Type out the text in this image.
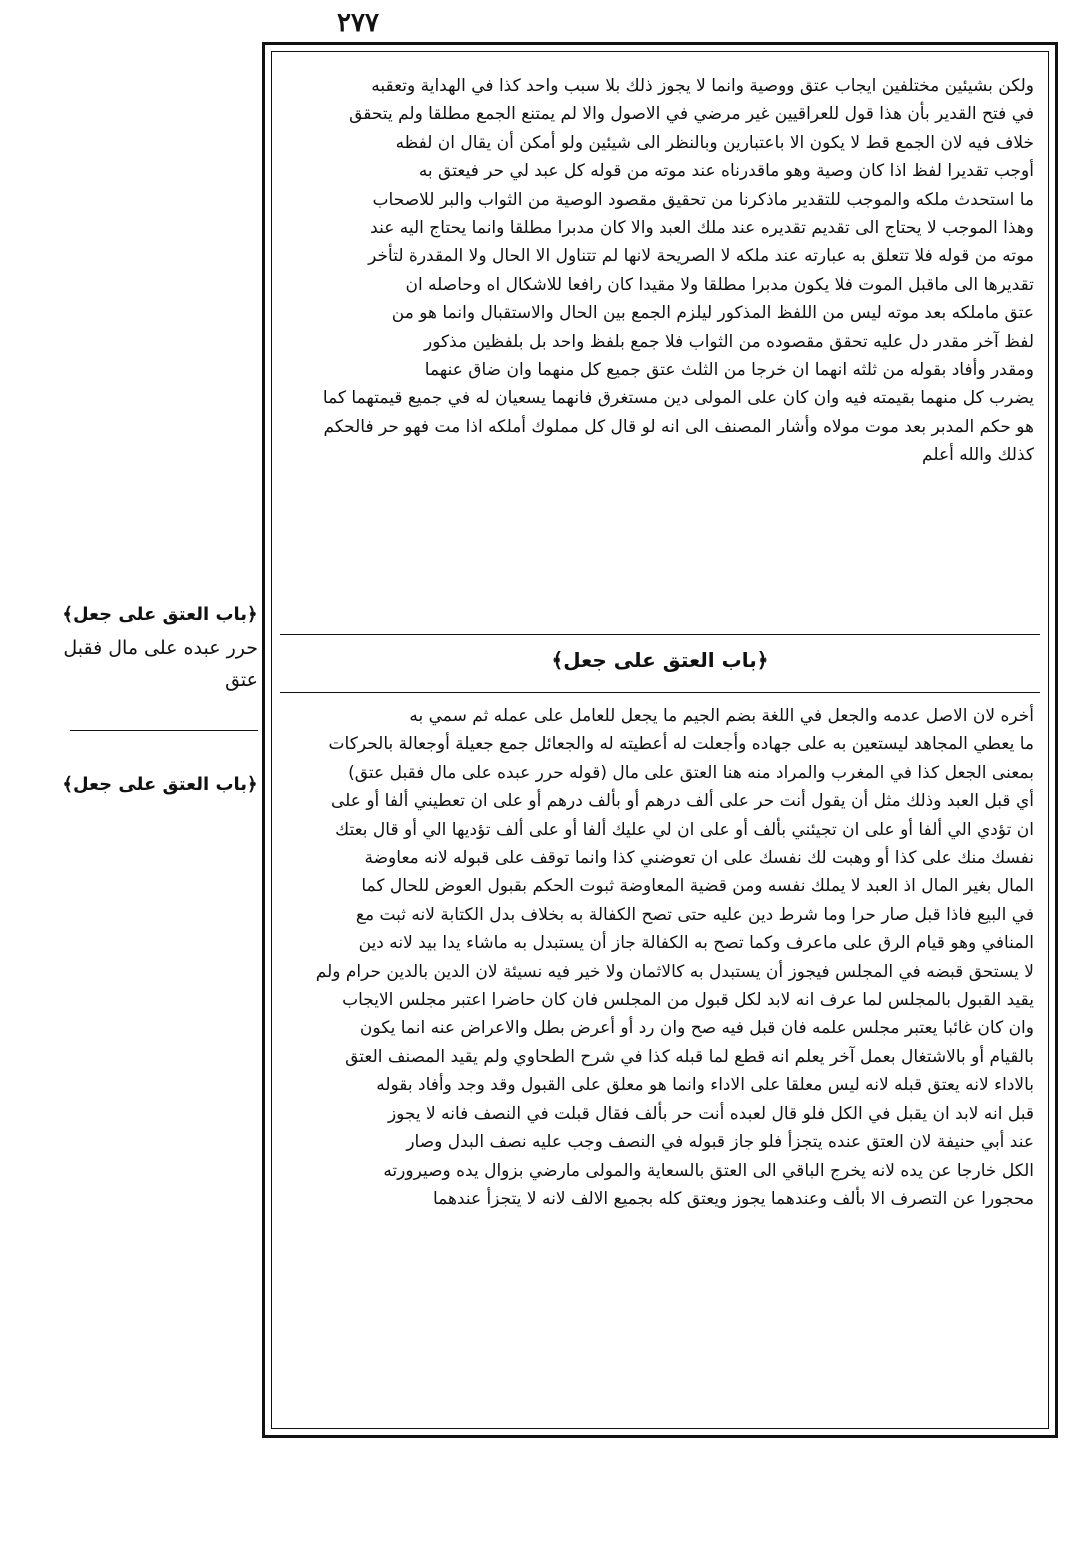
٢٧٧
﴿باب العتق على جعل﴾
حرر عبده على مال فقبل عتق
﴿باب العتق على جعل﴾
ولكن بشيئين مختلفين ايجاب عتق ووصية وانما لا يجوز ذلك بلا سبب واحد كذا في الهداية وتعقبه
في فتح القدير بأن هذا قول للعراقيين غير مرضي في الاصول والا لم يمتنع الجمع مطلقا ولم يتحقق
خلاف فيه لان الجمع قط لا يكون الا باعتبارين وبالنظر الى شيئين ولو أمكن أن يقال ان لفظه
أوجب تقديرا لفظ اذا كان وصية وهو ماقدرناه عند موته من قوله كل عبد لي حر فيعتق به
ما استحدث ملكه والموجب للتقدير ماذكرنا من تحقيق مقصود الوصية من الثواب والبر للاصحاب
وهذا الموجب لا يحتاج الى تقديم تقديره عند ملك العبد والا كان مدبرا مطلقا وانما يحتاج اليه عند
موته من قوله فلا تتعلق به عبارته عند ملكه لا الصريحة لانها لم تتناول الا الحال ولا المقدرة لتأخر
تقديرها الى ماقبل الموت فلا يكون مدبرا مطلقا ولا مقيدا كان رافعا للاشكال اه وحاصله ان
عتق ماملكه بعد موته ليس من اللفظ المذكور ليلزم الجمع بين الحال والاستقبال وانما هو من
لفظ آخر مقدر دل عليه تحقق مقصوده من الثواب فلا جمع بلفظ واحد بل بلفظين مذكور
ومقدر وأفاد بقوله من ثلثه انهما ان خرجا من الثلث عتق جميع كل منهما وان ضاق عنهما
يضرب كل منهما بقيمته فيه وان كان على المولى دين مستغرق فانهما يسعيان له في جميع قيمتهما كما
هو حكم المدبر بعد موت مولاه وأشار المصنف الى انه لو قال كل مملوك أملكه اذا مت فهو حر فالحكم
كذلك والله أعلم
﴿باب العتق على جعل﴾
أخره لان الاصل عدمه والجعل في اللغة بضم الجيم ما يجعل للعامل على عمله ثم سمي به
ما يعطي المجاهد ليستعين به على جهاده وأجعلت له أعطيته له والجعائل جمع جعيلة أوجعالة بالحركات
بمعنى الجعل كذا في المغرب والمراد منه هنا العتق على مال (قوله حرر عبده على مال فقبل عتق)
أي قبل العبد وذلك مثل أن يقول أنت حر على ألف درهم أو بألف درهم أو على ان تعطيني ألفا أو على
ان تؤدي الي ألفا أو على ان تجيئني بألف أو على ان لي عليك ألفا أو على ألف تؤديها الي أو قال بعتك
نفسك منك على كذا أو وهبت لك نفسك على ان تعوضني كذا وانما توقف على قبوله لانه معاوضة
المال بغير المال اذ العبد لا يملك نفسه ومن قضية المعاوضة ثبوت الحكم بقبول العوض للحال كما
في البيع فاذا قبل صار حرا وما شرط دين عليه حتى تصح الكفالة به بخلاف بدل الكتابة لانه ثبت مع
المنافي وهو قيام الرق على ماعرف وكما تصح به الكفالة جاز أن يستبدل به ماشاء يدا بيد لانه دين
لا يستحق قبضه في المجلس فيجوز أن يستبدل به كالاثمان ولا خير فيه نسيئة لان الدين بالدين حرام ولم
يقيد القبول بالمجلس لما عرف انه لابد لكل قبول من المجلس فان كان حاضرا اعتبر مجلس الايجاب
وان كان غائبا يعتبر مجلس علمه فان قبل فيه صح وان رد أو أعرض بطل والاعراض عنه انما يكون
بالقيام أو بالاشتغال بعمل آخر يعلم انه قطع لما قبله كذا في شرح الطحاوي ولم يقيد المصنف العتق
بالاداء لانه يعتق قبله لانه ليس معلقا على الاداء وانما هو معلق على القبول وقد وجد وأفاد بقوله
قبل انه لابد ان يقبل في الكل فلو قال لعبده أنت حر بألف فقال قبلت في النصف فانه لا يجوز
عند أبي حنيفة لان العتق عنده يتجزأ فلو جاز قبوله في النصف وجب عليه نصف البدل وصار
الكل خارجا عن يده لانه يخرج الباقي الى العتق بالسعاية والمولى مارضي بزوال يده وصيرورته
محجورا عن التصرف الا بألف وعندهما يجوز ويعتق كله بجميع الالف لانه لا يتجزأ عندهما
